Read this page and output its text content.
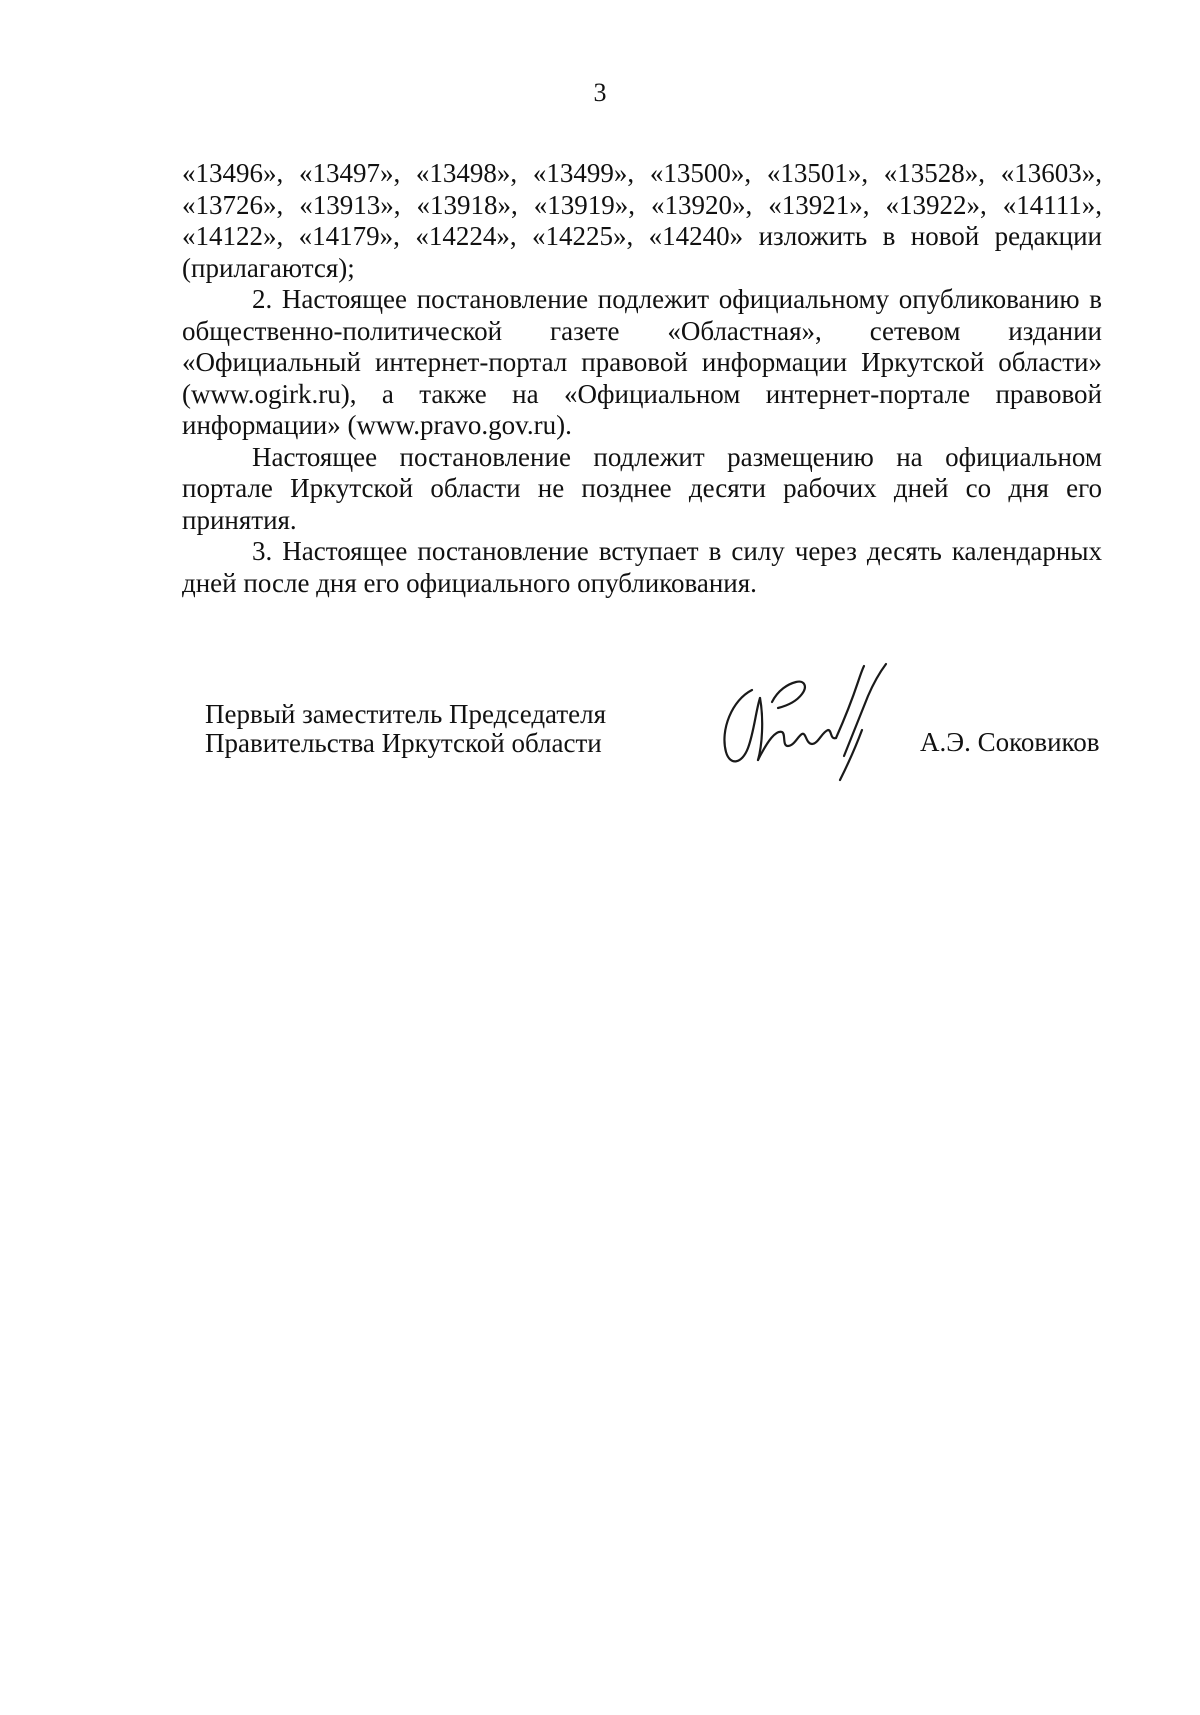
3

«13496», «13497», «13498», «13499», «13500», «13501», «13528», «13603», «13726», «13913», «13918», «13919», «13920», «13921», «13922», «14111», «14122», «14179», «14224», «14225», «14240» изложить в новой редакции (прилагаются);

2. Настоящее постановление подлежит официальному опубликованию в общественно-политической газете «Областная», сетевом издании «Официальный интернет-портал правовой информации Иркутской области» (www.ogirk.ru), а также на «Официальном интернет-портале правовой информации» (www.pravo.gov.ru).

Настоящее постановление подлежит размещению на официальном портале Иркутской области не позднее десяти рабочих дней со дня его принятия.

3. Настоящее постановление вступает в силу через десять календарных дней после дня его официального опубликования.

Первый заместитель Председателя
Правительства Иркутской области	А.Э. Соковиков
